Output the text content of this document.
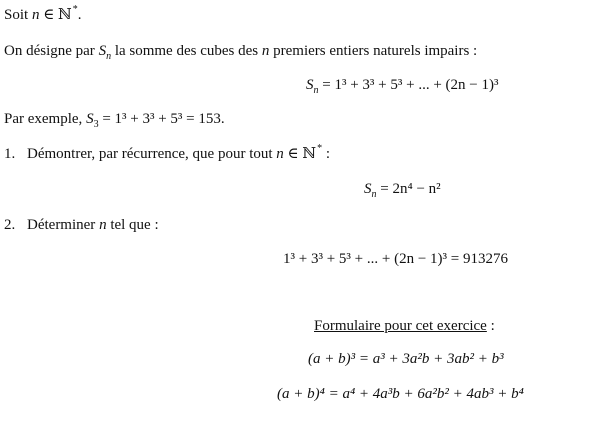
Soit n ∈ ℕ*.
On désigne par $S_n$ la somme des cubes des n premiers entiers naturels impairs :
$S_n = 1^3 + 3^3 + 5^3$ + ... + (2n − 1)³
Par exemple, $S_3 = 1^3 + 3^3 + 5^3 = 153$.
1. Démontrer, par récurrence, que pour tout n ∈ ℕ* :
$S_n = 2n^4 - n^2$
2. Déterminer n tel que :
1³ + 3³ + 5³ + ... + (2n − 1)³ = 913276
Formulaire pour cet exercice :
(a + b)³ = a³ + 3a²b + 3ab² + b³
(a + b)⁴ = a⁴ + 4a³b + 6a²b² + 4ab³ + b⁴
